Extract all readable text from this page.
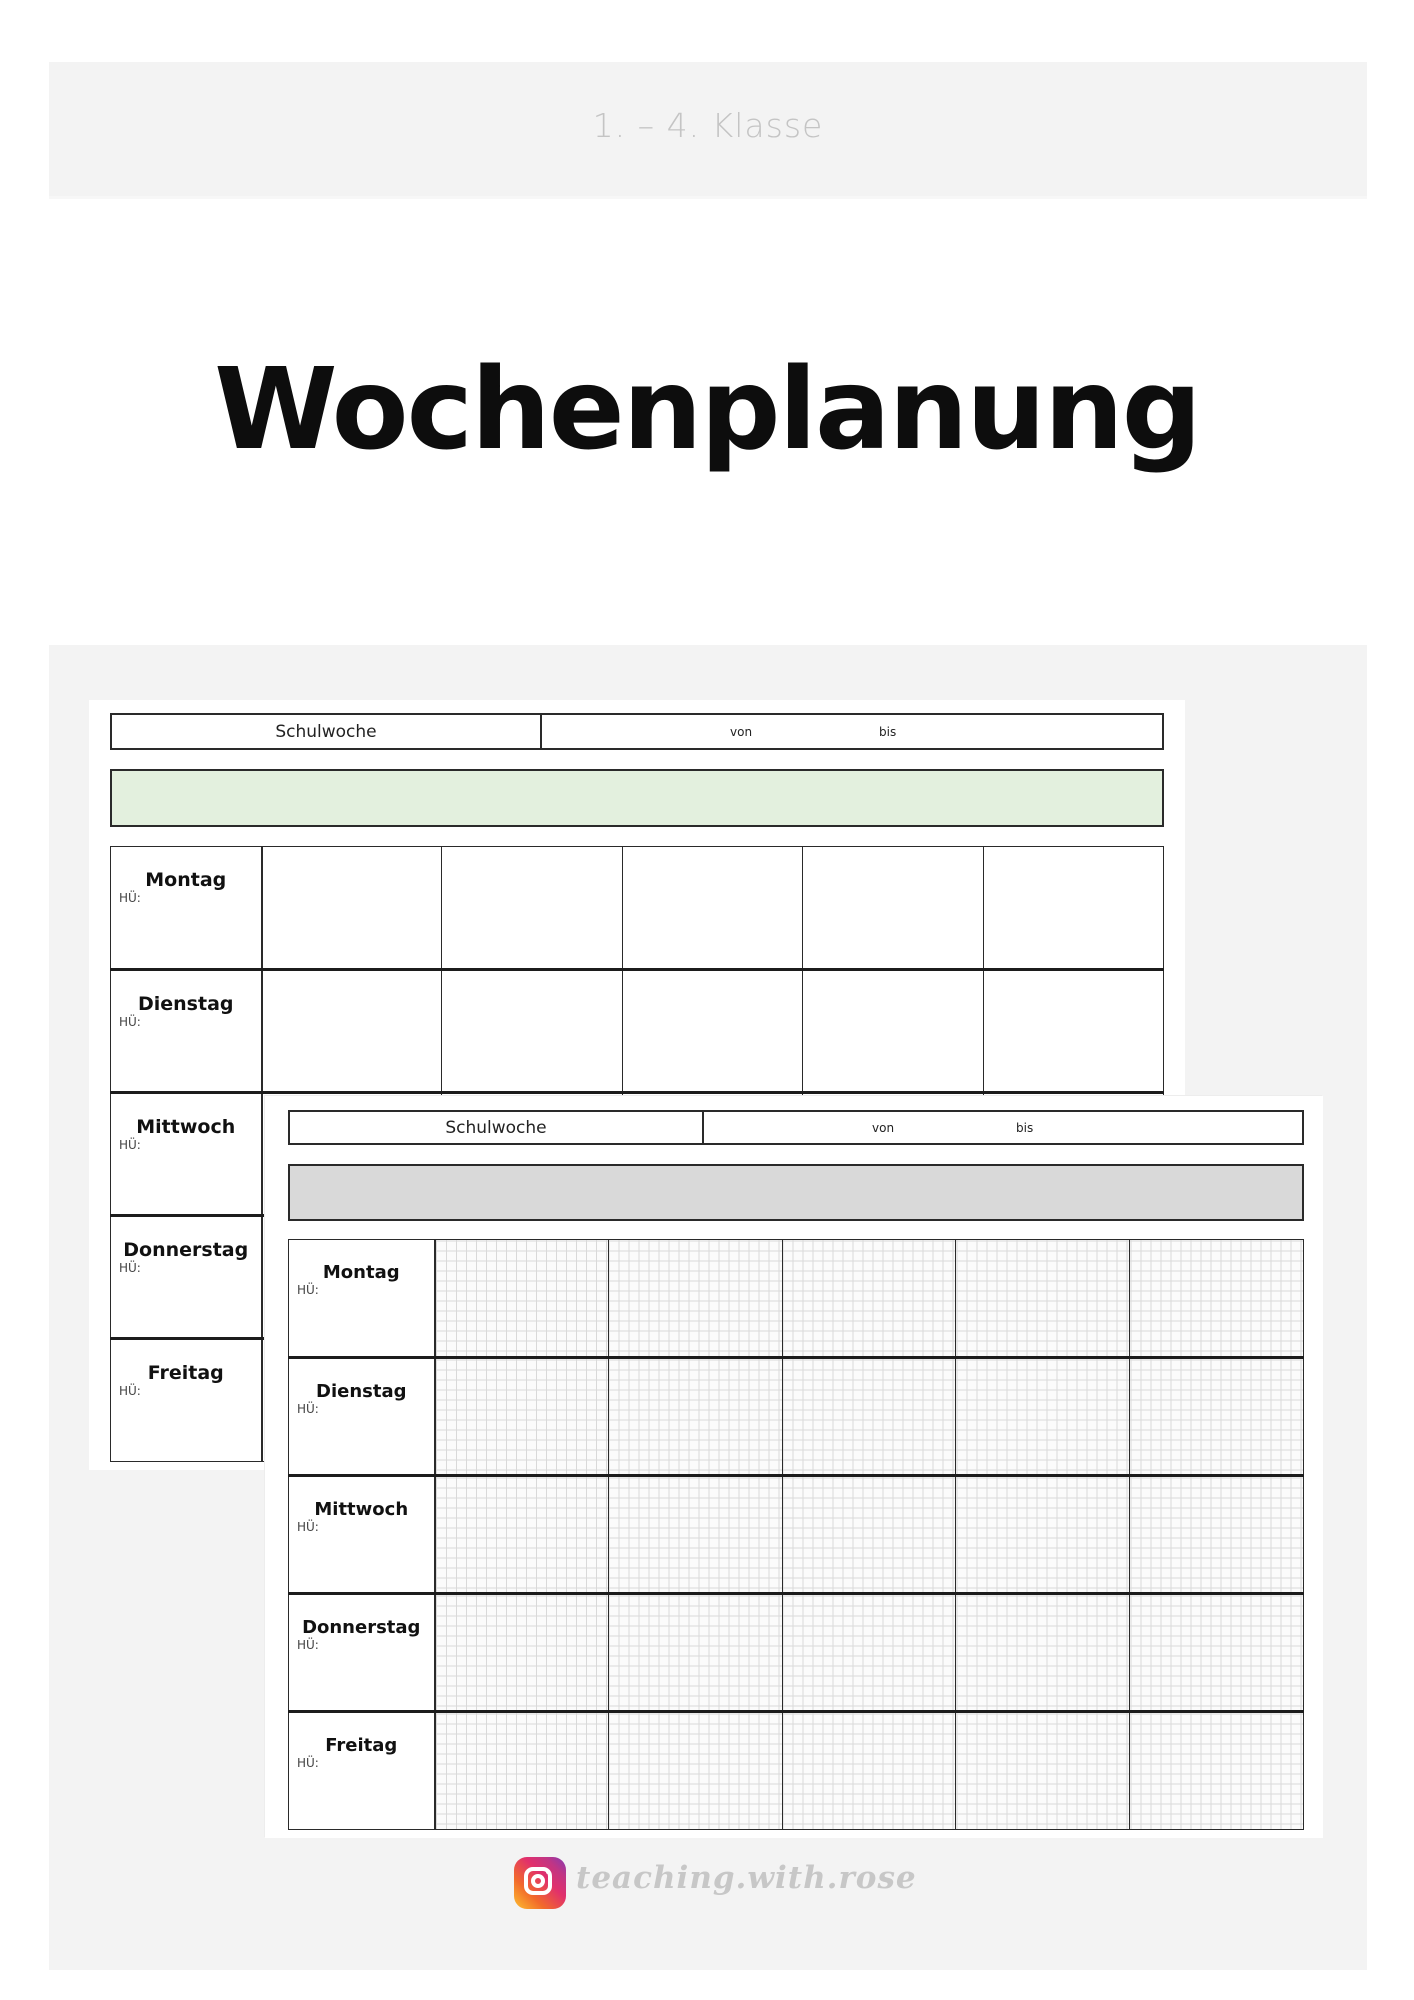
1. – 4. Klasse
Wochenplanung
Schulwoche	von	bis
Montag
HÜ:					

Dienstag
HÜ:					

Mittwoch
HÜ:					

Donnerstag
HÜ:					

Freitag
HÜ:					

Schulwoche	von	bis
Montag
HÜ:					

Dienstag
HÜ:					

Mittwoch
HÜ:					

Donnerstag
HÜ:					

Freitag
HÜ:					

teaching.with.rose
